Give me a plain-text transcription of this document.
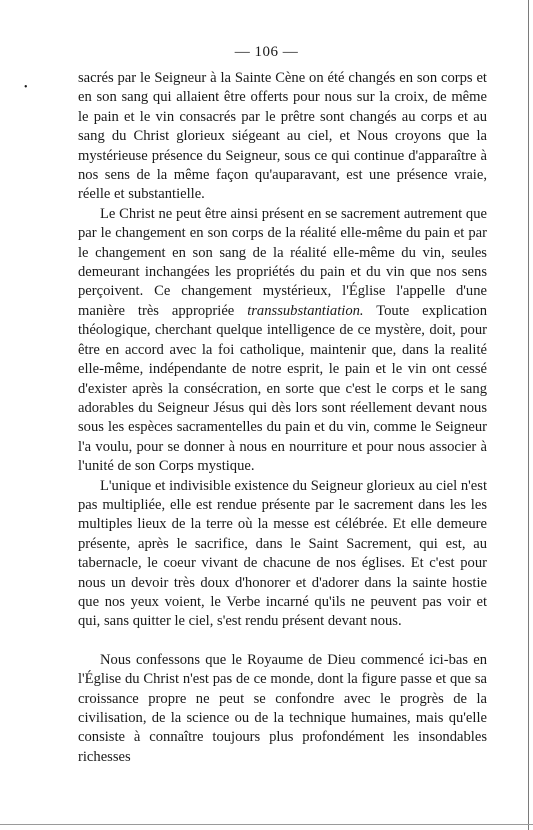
— 106 —
•

sacrés par le Seigneur à la Sainte Cène on été changés en son corps et en son sang qui allaient être offerts pour nous sur la croix, de même le pain et le vin consacrés par le prêtre sont changés au corps et au sang du Christ glorieux siégeant au ciel, et Nous croyons que la mystérieuse présence du Seigneur, sous ce qui continue d'apparaître à nos sens de la même façon qu'auparavant, est une présence vraie, réelle et substantielle.

Le Christ ne peut être ainsi présent en se sacrement autrement que par le changement en son corps de la réalité elle-même du pain et par le changement en son sang de la réalité elle-même du vin, seules demeurant inchangées les propriétés du pain et du vin que nos sens perçoivent. Ce changement mystérieux, l'Église l'appelle d'une manière très appropriée transsubstantiation. Toute explication théologique, cherchant quelque intelligence de ce mystère, doit, pour être en accord avec la foi catholique, maintenir que, dans la realité elle-même, indépendante de notre esprit, le pain et le vin ont cessé d'exister après la consécration, en sorte que c'est le corps et le sang adorables du Seigneur Jésus qui dès lors sont réellement devant nous sous les espèces sacramentelles du pain et du vin, comme le Seigneur l'a voulu, pour se donner à nous en nourriture et pour nous associer à l'unité de son Corps mystique.

L'unique et indivisible existence du Seigneur glorieux au ciel n'est pas multipliée, elle est rendue présente par le sacrement dans les les multiples lieux de la terre où la messe est célébrée. Et elle demeure présente, après le sacrifice, dans le Saint Sacrement, qui est, au tabernacle, le coeur vivant de chacune de nos églises. Et c'est pour nous un devoir très doux d'honorer et d'adorer dans la sainte hostie que nos yeux voient, le Verbe incarné qu'ils ne peuvent pas voir et qui, sans quitter le ciel, s'est rendu présent devant nous.

Nous confessons que le Royaume de Dieu commencé ici-bas en l'Église du Christ n'est pas de ce monde, dont la figure passe et que sa croissance propre ne peut se confondre avec le progrès de la civilisation, de la science ou de la technique humaines, mais qu'elle consiste à connaître toujours plus profondément les insondables richesses
